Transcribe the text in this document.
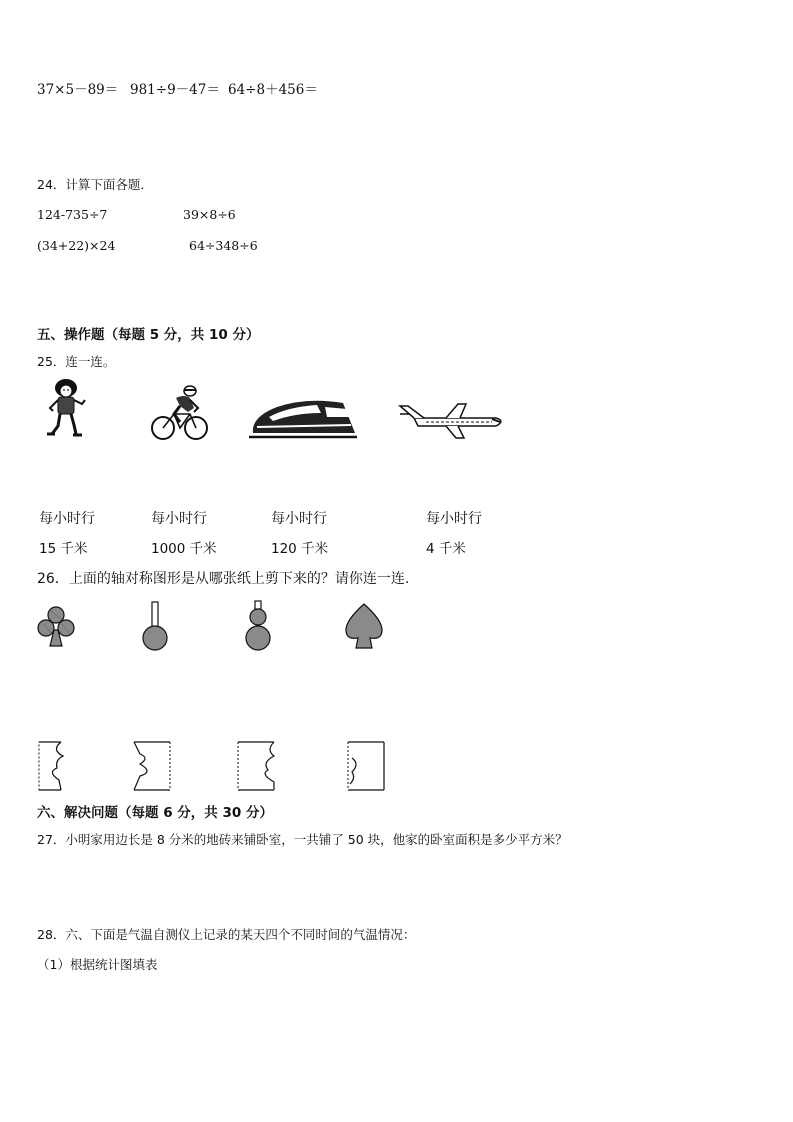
37×5－89＝ 981÷9－47＝ 64÷8＋456＝
24．计算下面各题．
124-735÷7	39×8÷6
(34+22)×24	64÷348÷6
五、操作题（每题 5 分，共 10 分）
25．连一连。
每小时行	每小时行	每小时行	每小时行
15 千米	1000 千米	120 千米	4 千米
26．上面的轴对称图形是从哪张纸上剪下来的？请你连一连.
六、解决问题（每题 6 分，共 30 分）
27．小明家用边长是 8 分米的地砖来铺卧室，一共铺了 50 块，他家的卧室面积是多少平方米？
28．六、下面是气温自测仪上记录的某天四个不同时间的气温情况：
（1）根据统计图填表
